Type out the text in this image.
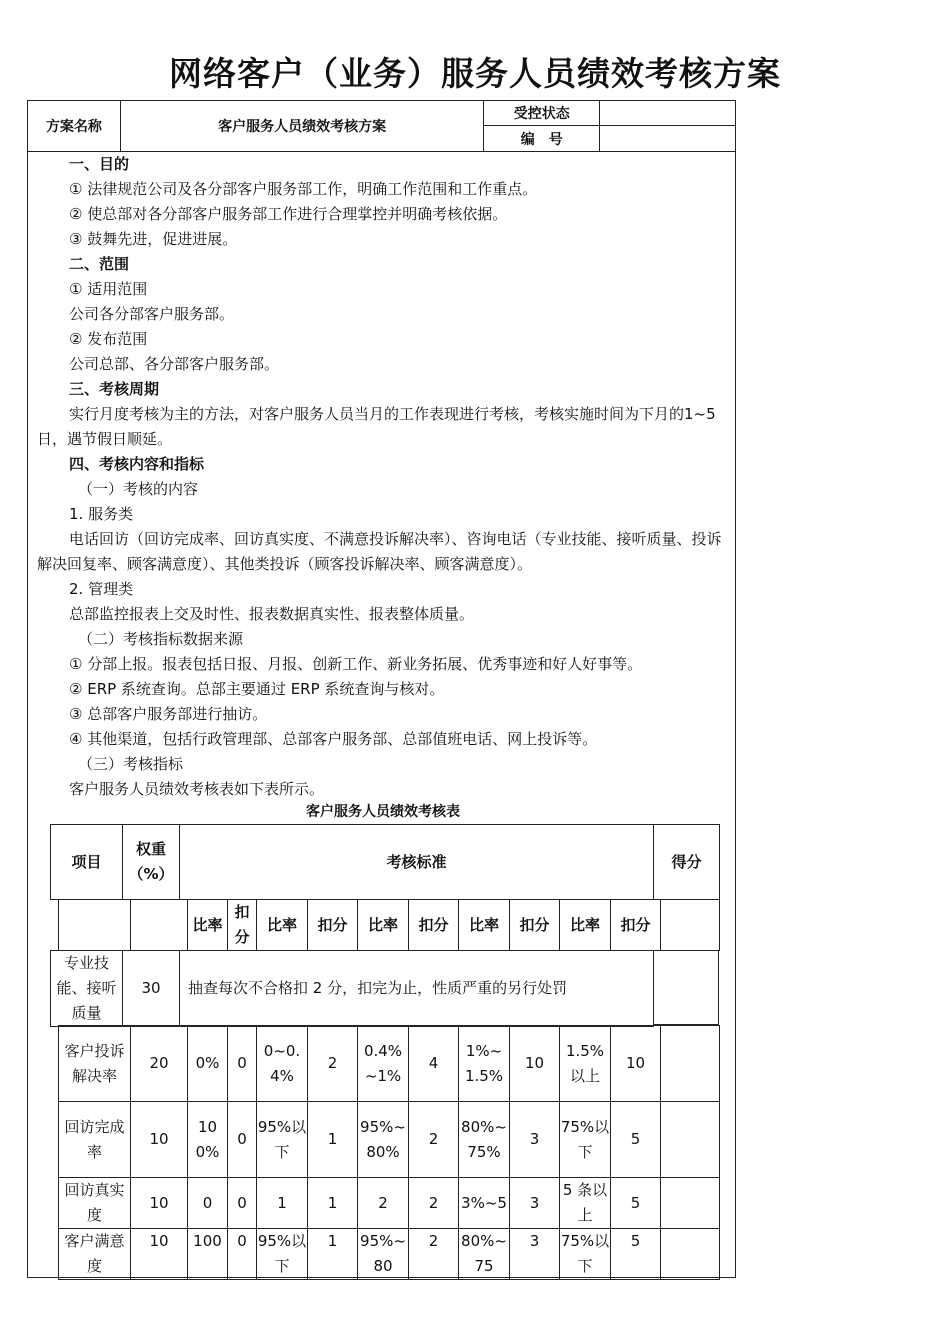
网络客户（业务）服务人员绩效考核方案
方案名称	客户服务人员绩效考核方案	受控状态	
		编　号	

一、目的

① 法律规范公司及各分部客户服务部工作，明确工作范围和工作重点。

② 使总部对各分部客户服务部工作进行合理掌控并明确考核依据。

③ 鼓舞先进，促进进展。

二、范围

① 适用范围

公司各分部客户服务部。

② 发布范围

公司总部、各分部客户服务部。

三、考核周期

实行月度考核为主的方法，对客户服务人员当月的工作表现进行考核，考核实施时间为下月的1~5 日，遇节假日顺延。

四、考核内容和指标

（一）考核的内容

1. 服务类

电话回访（回访完成率、回访真实度、不满意投诉解决率）、咨询电话（专业技能、接听质量、投诉解决回复率、顾客满意度）、其他类投诉（顾客投诉解决率、顾客满意度）。

2. 管理类

总部监控报表上交及时性、报表数据真实性、报表整体质量。

（二）考核指标数据来源

① 分部上报。报表包括日报、月报、创新工作、新业务拓展、优秀事迹和好人好事等。

② ERP 系统查询。总部主要通过 ERP 系统查询与核对。

③ 总部客户服务部进行抽访。

④ 其他渠道，包括行政管理部、总部客户服务部、总部值班电话、网上投诉等。

（三）考核指标

客户服务人员绩效考核表如下表所示。

客户服务人员绩效考核表
项目	权重（%）	考核标准	得分
		比率	扣分	比率	扣分	比率	扣分	比率	扣分	比率	扣分	
专业技能、接听质量	30	抽查每次不合格扣 2 分，扣完为止，性质严重的另行处罚
客户投诉解决率	20	0%	0	0~0.4%	2	0.4%~1%	4	1%~1.5%	10	1.5%以上	10	
回访完成率	10	100%	0	95%以下	1	95%~80%	2	80%~75%	3	75%以下	5	
回访真实度	10	0	0	1	1	2	2	3%~5	3	5 条以上	5	
客户满意度	10	100	0	95%以下	1	95%~80	2	80%~75	3	75%以下	5	
